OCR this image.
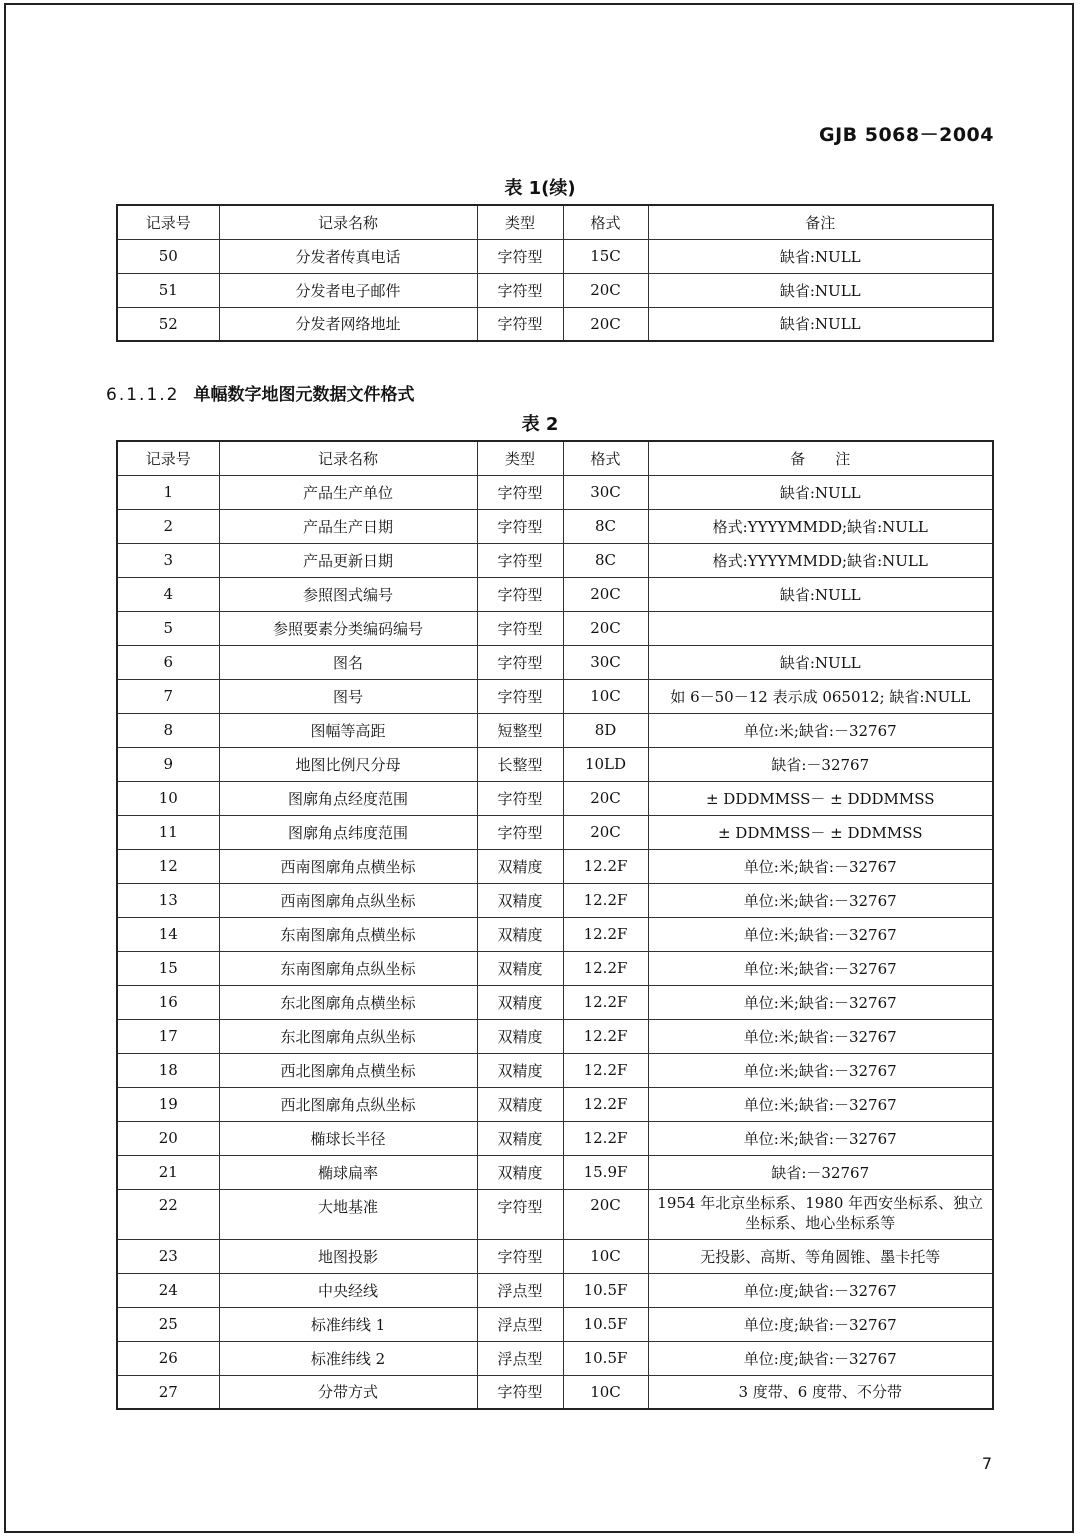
GJB 5068－2004
表 1(续)
记录号	记录名称	类型	格式	备注
50	分发者传真电话	字符型	15C	缺省:NULL
51	分发者电子邮件	字符型	20C	缺省:NULL
52	分发者网络地址	字符型	20C	缺省:NULL
6.1.1.2 单幅数字地图元数据文件格式
表 2
记录号	记录名称	类型	格式	备　　注
1	产品生产单位	字符型	30C	缺省:NULL
2	产品生产日期	字符型	8C	格式:YYYYMMDD;缺省:NULL
3	产品更新日期	字符型	8C	格式:YYYYMMDD;缺省:NULL
4	参照图式编号	字符型	20C	缺省:NULL
5	参照要素分类编码编号	字符型	20C	
6	图名	字符型	30C	缺省:NULL
7	图号	字符型	10C	如 6－50－12 表示成 065012; 缺省:NULL
8	图幅等高距	短整型	8D	单位:米;缺省:－32767
9	地图比例尺分母	长整型	10LD	缺省:－32767
10	图廓角点经度范围	字符型	20C	± DDDMMSS－ ± DDDMMSS
11	图廓角点纬度范围	字符型	20C	± DDMMSS－ ± DDMMSS
12	西南图廓角点横坐标	双精度	12.2F	单位:米;缺省:－32767
13	西南图廓角点纵坐标	双精度	12.2F	单位:米;缺省:－32767
14	东南图廓角点横坐标	双精度	12.2F	单位:米;缺省:－32767
15	东南图廓角点纵坐标	双精度	12.2F	单位:米;缺省:－32767
16	东北图廓角点横坐标	双精度	12.2F	单位:米;缺省:－32767
17	东北图廓角点纵坐标	双精度	12.2F	单位:米;缺省:－32767
18	西北图廓角点横坐标	双精度	12.2F	单位:米;缺省:－32767
19	西北图廓角点纵坐标	双精度	12.2F	单位:米;缺省:－32767
20	椭球长半径	双精度	12.2F	单位:米;缺省:－32767
21	椭球扁率	双精度	15.9F	缺省:－32767
22	大地基准	字符型	20C	1954 年北京坐标系、1980 年西安坐标系、独立坐标系、地心坐标系等
23	地图投影	字符型	10C	无投影、高斯、等角圆锥、墨卡托等
24	中央经线	浮点型	10.5F	单位:度;缺省:－32767
25	标准纬线 1	浮点型	10.5F	单位:度;缺省:－32767
26	标准纬线 2	浮点型	10.5F	单位:度;缺省:－32767
27	分带方式	字符型	10C	3 度带、6 度带、不分带
7
